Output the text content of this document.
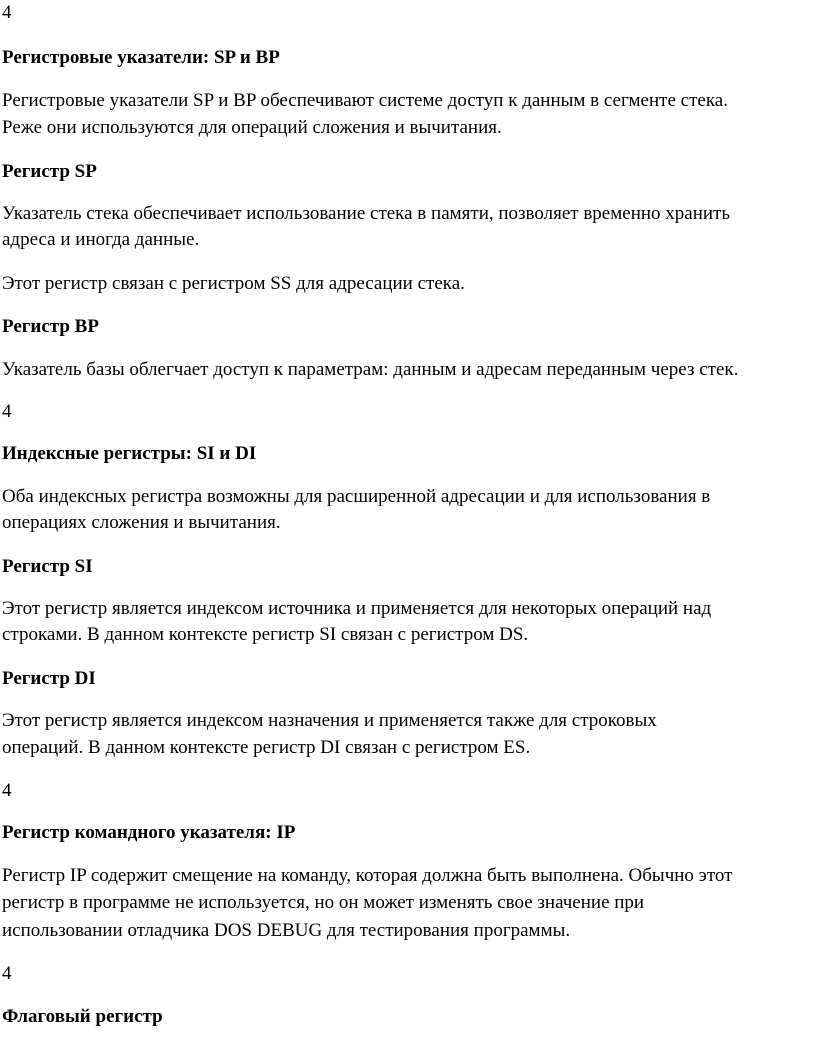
4
Регистровые указатели: SP и BP
Регистровые указатели SP и BP обеспечивают системе доступ к данным в сегменте стека.
Реже они используются для операций сложения и вычитания.
Регистр SP
Указатель стека обеспечивает использование стека в памяти, позволяет временно хранить
адреса и иногда данные.
Этот регистр связан с регистром SS для адресации стека.
Регистр BP
Указатель базы облегчает доступ к параметрам: данным и адресам переданным через стек.
4
Индексные регистры: SI и DI
Оба индексных регистра возможны для расширенной адресации и для использования в
операциях сложения и вычитания.
Регистр SI
Этот регистр является индексом источника и применяется для некоторых операций над
строками. В данном контексте регистр SI связан с регистром DS.
Регистр DI
Этот регистр является индексом назначения и применяется также для строковых
операций. В данном контексте регистр DI связан с регистром ES.
4
Регистр командного указателя: IP
Регистр IP содержит смещение на команду, которая должна быть выполнена. Обычно этот
регистр в программе не используется, но он может изменять свое значение при
использовании отладчика DOS DEBUG для тестирования программы.
4
Флаговый регистр
